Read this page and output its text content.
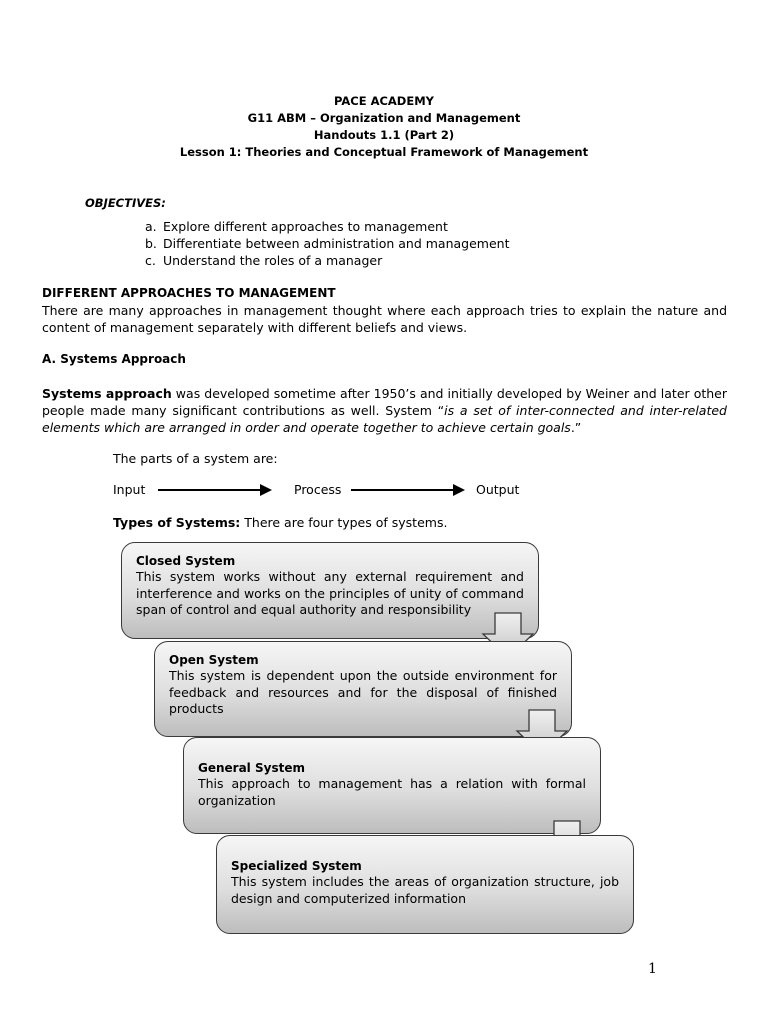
PACE ACADEMY
G11 ABM – Organization and Management
Handouts 1.1 (Part 2)
Lesson 1: Theories and Conceptual Framework of Management
OBJECTIVES:
a. Explore different approaches to management
b. Differentiate between administration and management
c. Understand the roles of a manager
DIFFERENT APPROACHES TO MANAGEMENT
There are many approaches in management thought where each approach tries to explain the nature and content of management separately with different beliefs and views.
A. Systems Approach
Systems approach was developed sometime after 1950’s and initially developed by Weiner and later other people made many significant contributions as well. System “is a set of inter-connected and inter-related elements which are arranged in order and operate together to achieve certain goals.”
The parts of a system are:
Input	Process	Output
Types of Systems: There are four types of systems.
Closed System
This system works without any external requirement and interference and works on the principles of unity of command span of control and equal authority and responsibility
Open System
This system is dependent upon the outside environment for feedback and resources and for the disposal of finished products
General System
This approach to management has a relation with formal organization
Specialized System
This system includes the areas of organization structure, job design and computerized information
1
